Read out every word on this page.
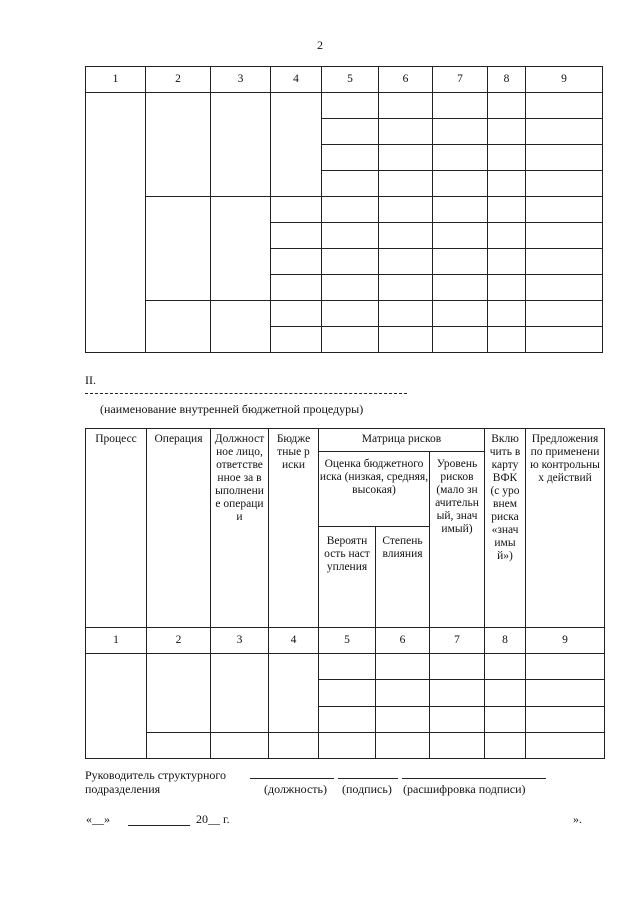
2
1	2	3	4	5	6	7	8	9

II.
(наименование внутренней бюджетной процедуры)
Процесс	Операция	Должностное лицо, ответственное за выполнение операции	Бюджетные риски	Матрица рисков			Включить в карту ВФК (с уровнем риска «значимый»)	Предложения по применению контрольных действий
				Оценка бюджетного иска (низкая, средняя, высокая)		Уровень рисков (мало значительный, значимый)		
				Вероятность наступления	Степень влияния			
1	2	3	4	5	6	7	8	9

Руководитель структурного
подразделения	(должность) (подпись) (расшифровка подписи)
«__»	20__ г.	».
